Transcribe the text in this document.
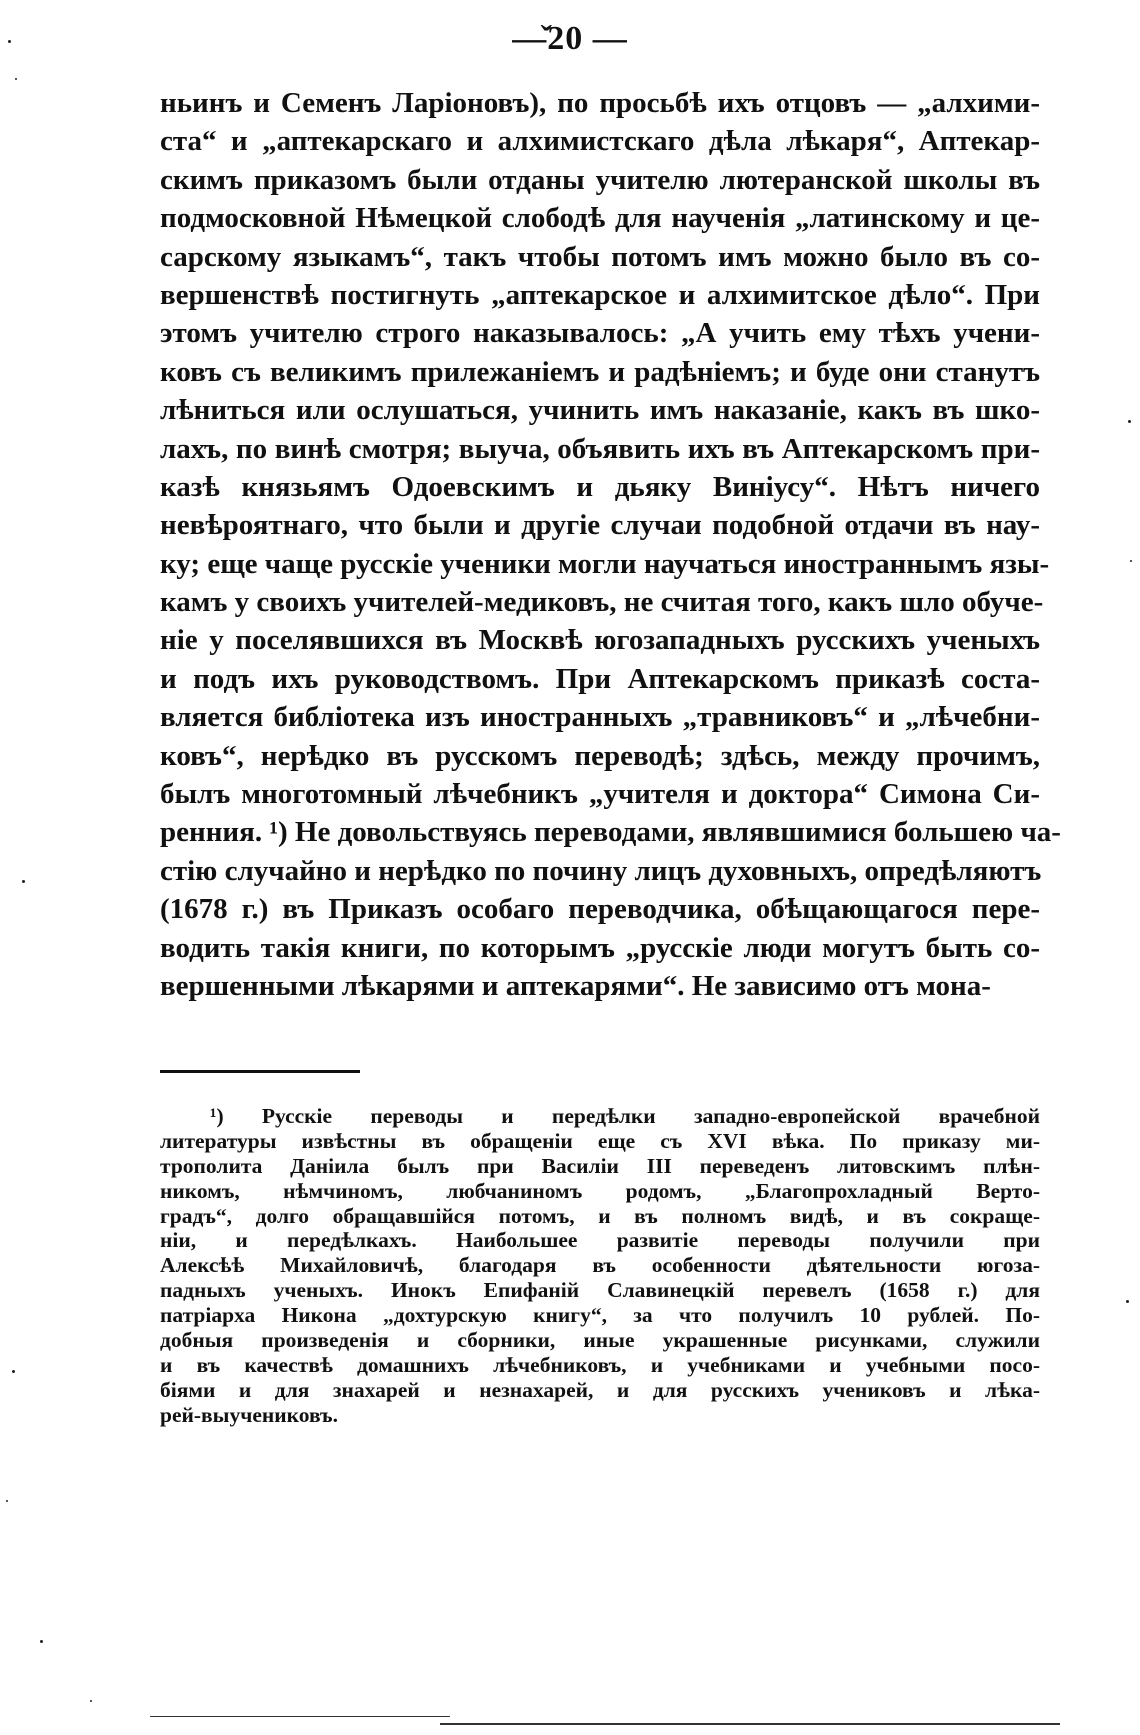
—̌20 —
ньинъ и Семенъ Ларіоновъ), по просьбѣ ихъ отцовъ — „алхими-
ста“ и „аптекарскаго и алхимистскаго дѣла лѣкаря“, Аптекар-
скимъ приказомъ были отданы учителю лютеранской школы въ
подмосковной Нѣмецкой слободѣ для наученія „латинскому и це-
сарскому языкамъ“, такъ чтобы потомъ имъ можно было въ со-
вершенствѣ постигнуть „аптекарское и алхимитское дѣло“. При
этомъ учителю строго наказывалось: „А учить ему тѣхъ учени-
ковъ съ великимъ прилежаніемъ и радѣніемъ; и буде они станутъ
лѣниться или ослушаться, учинить имъ наказаніе, какъ въ шко-
лахъ, по винѣ смотря; выуча, объявить ихъ въ Аптекарскомъ при-
казѣ князьямъ Одоевскимъ и дьяку Винiусу“. Нѣтъ ничего
невѣроятнаго, что были и другіе случаи подобной отдачи въ нау-
ку; еще чаще русскіе ученики могли научаться иностраннымъ язы-
камъ у своихъ учителей-медиковъ, не считая того, какъ шло обуче-
ніе у поселявшихся въ Москвѣ югозападныхъ русскихъ ученыхъ
и подъ ихъ руководствомъ. При Аптекарскомъ приказѣ соста-
вляется библіотека изъ иностранныхъ „травниковъ“ и „лѣчебни-
ковъ“, нерѣдко въ русскомъ переводѣ; здѣсь, между прочимъ,
былъ многотомный лѣчебникъ „учителя и доктора“ Симона Си-
ренния. ¹) Не довольствуясь переводами, являвшимися большею ча-
стію случайно и нерѣдко по почину лицъ духовныхъ, опредѣляютъ
(1678 г.) въ Приказъ особаго переводчика, обѣщающагося пере-
водить такія книги, по которымъ „русскіе люди могутъ быть со-
вершенными лѣкарями и аптекарями“. Не зависимо отъ мона-
¹) Русскіе переводы и передѣлки западно-европейской врачебной
литературы извѣстны въ обращеніи еще съ XVI вѣка. По приказу ми-
трополита Даніила былъ при Василіи III переведенъ литовскимъ плѣн-
никомъ, нѣмчиномъ, любчаниномъ родомъ, „Благопрохладный Верто-
градъ“, долго обращавшійся потомъ, и въ полномъ видѣ, и въ сокраще-
ніи, и передѣлкахъ. Наибольшее развитіе переводы получили при
Алексѣѣ Михайловичѣ, благодаря въ особенности дѣятельности югоза-
падныхъ ученыхъ. Инокъ Епифаній Славинецкій перевелъ (1658 г.) для
патріарха Никона „дохтурскую книгу“, за что получилъ 10 рублей. По-
добныя произведенія и сборники, иные украшенные рисунками, служили
и въ качествѣ домашнихъ лѣчебниковъ, и учебниками и учебными посо-
біями и для знахарей и незнахарей, и для русскихъ учениковъ и лѣка-
рей-выучениковъ.
